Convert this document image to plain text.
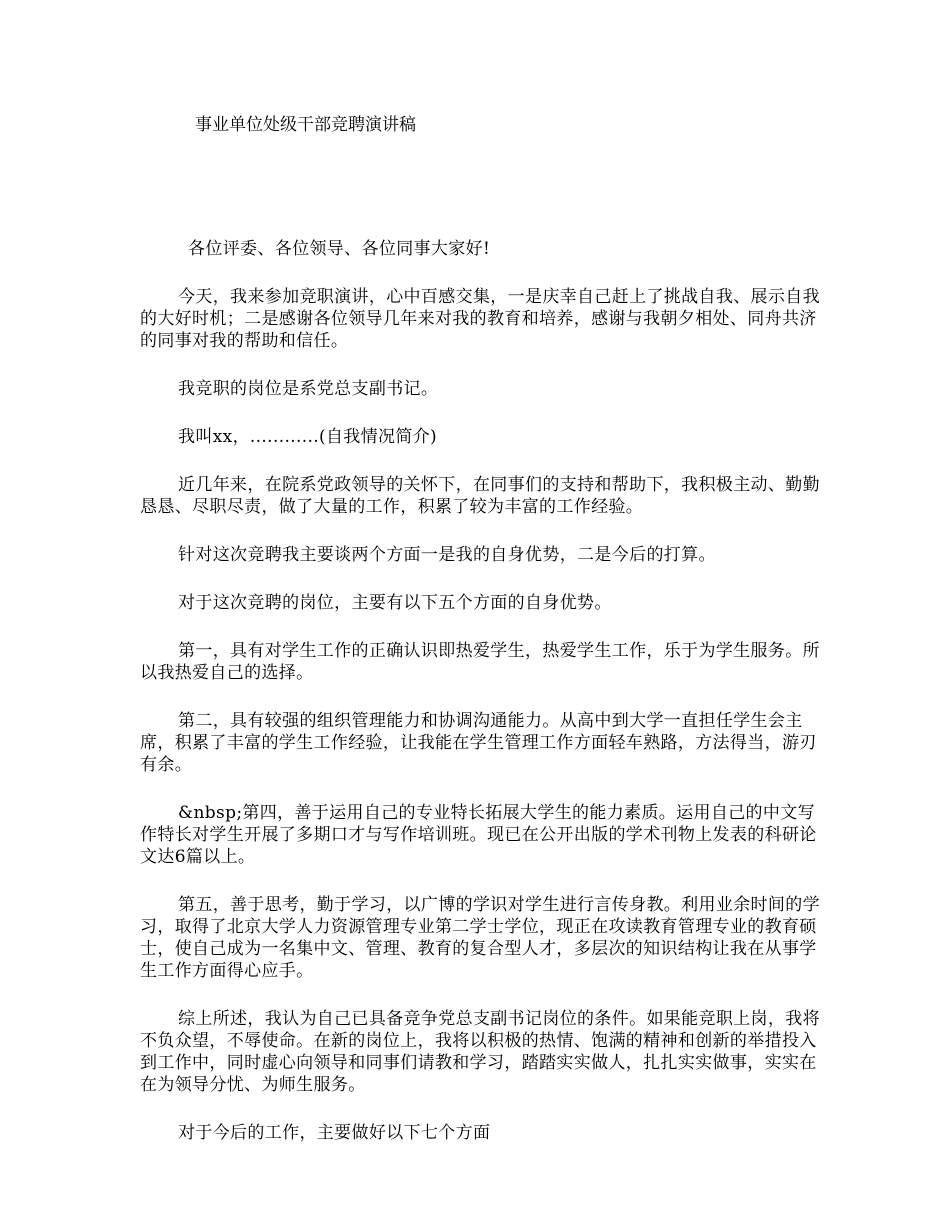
事业单位处级干部竞聘演讲稿

各位评委、各位领导、各位同事大家好!

今天，我来参加竞职演讲，心中百感交集，一是庆幸自己赶上了挑战自我、展示自我的大好时机；二是感谢各位领导几年来对我的教育和培养，感谢与我朝夕相处、同舟共济的同事对我的帮助和信任。

我竞职的岗位是系党总支副书记。

我叫xx，............(自我情况简介)

近几年来，在院系党政领导的关怀下，在同事们的支持和帮助下，我积极主动、勤勤恳恳、尽职尽责，做了大量的工作，积累了较为丰富的工作经验。

针对这次竞聘我主要谈两个方面一是我的自身优势，二是今后的打算。

对于这次竞聘的岗位，主要有以下五个方面的自身优势。

第一，具有对学生工作的正确认识即热爱学生，热爱学生工作，乐于为学生服务。所以我热爱自己的选择。

第二，具有较强的组织管理能力和协调沟通能力。从高中到大学一直担任学生会主席，积累了丰富的学生工作经验，让我能在学生管理工作方面轻车熟路，方法得当，游刃有余。

&nbsp;第四，善于运用自己的专业特长拓展大学生的能力素质。运用自己的中文写作特长对学生开展了多期口才与写作培训班。现已在公开出版的学术刊物上发表的科研论文达6篇以上。

第五，善于思考，勤于学习，以广博的学识对学生进行言传身教。利用业余时间的学习，取得了北京大学人力资源管理专业第二学士学位，现正在攻读教育管理专业的教育硕士，使自己成为一名集中文、管理、教育的复合型人才，多层次的知识结构让我在从事学生工作方面得心应手。

综上所述，我认为自己已具备竞争党总支副书记岗位的条件。如果能竞职上岗，我将不负众望，不辱使命。在新的岗位上，我将以积极的热情、饱满的精神和创新的举措投入到工作中，同时虚心向领导和同事们请教和学习，踏踏实实做人，扎扎实实做事，实实在在为领导分忧、为师生服务。

对于今后的工作，主要做好以下七个方面
